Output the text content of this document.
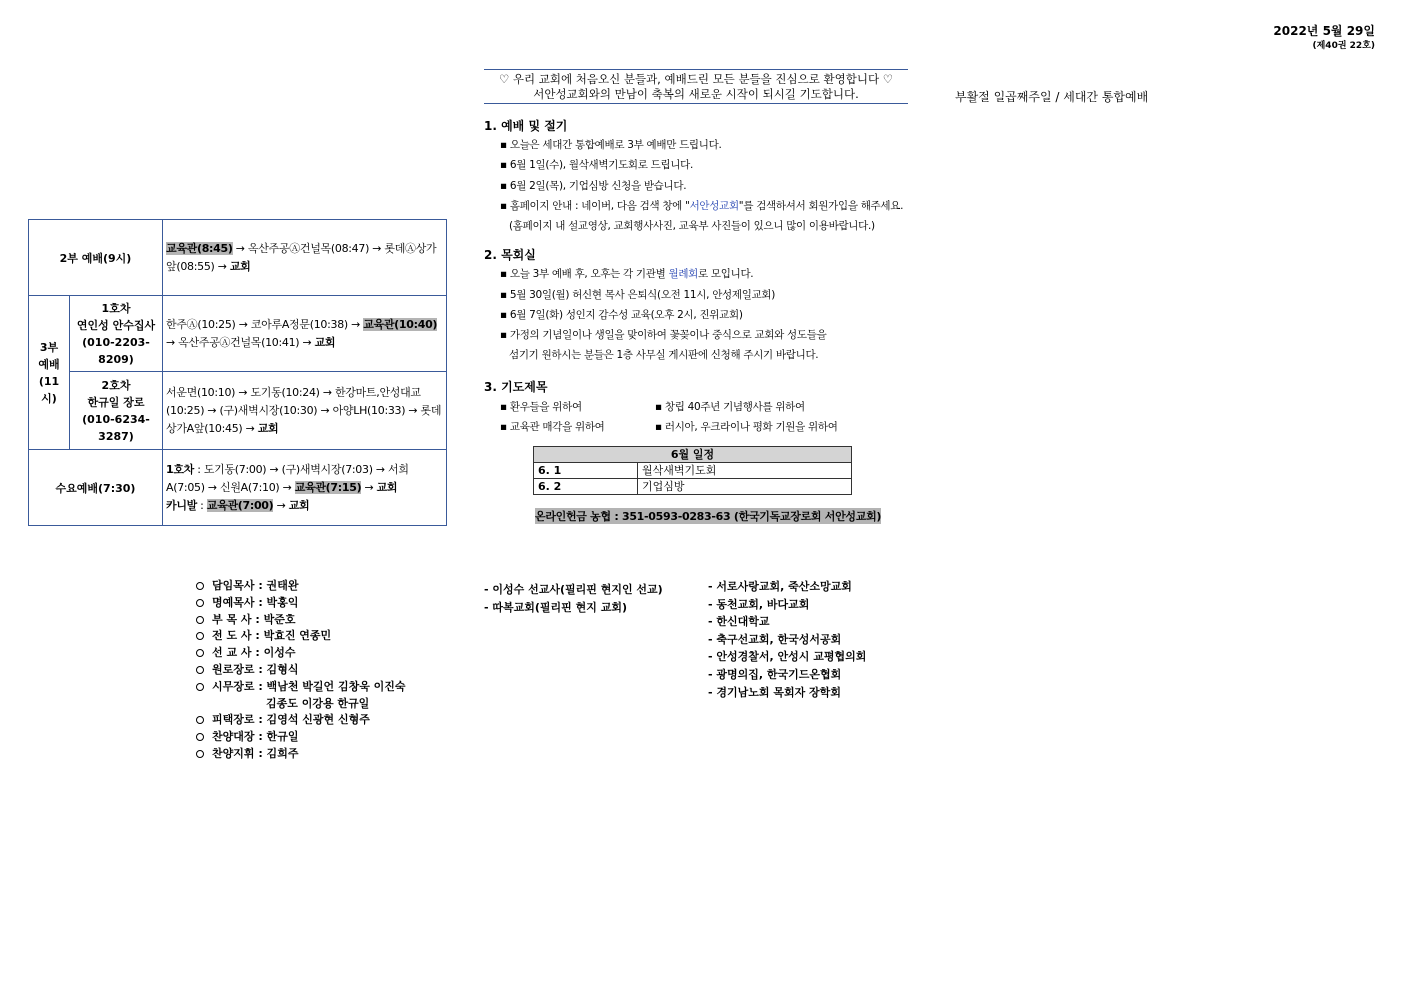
2022년 5월 29일
(제40권 22호)
♡ 우리 교회에 처음오신 분들과, 예배드린 모든 분들을 진심으로 환영합니다 ♡
서안성교회와의 만남이 축복의 새로운 시작이 되시길 기도합니다.	부활절 일곱째주일 / 세대간 통합예배
1. 예배 및 절기
▪ 오늘은 세대간 통합예배로 3부 예배만 드립니다.
▪ 6월 1일(수), 월삭새벽기도회로 드립니다.
▪ 6월 2일(목), 기업심방 신청을 받습니다.
▪ 홈페이지 안내 : 네이버, 다음 검색 창에 "서안성교회"를 검색하셔서 회원가입을 해주세요.
(홈페이지 내 설교영상, 교회행사사진, 교육부 사진들이 있으니 많이 이용바랍니다.)
2. 목회실
▪ 오늘 3부 예배 후, 오후는 각 기관별 월례회로 모입니다.
▪ 5월 30일(월) 허신현 목사 은퇴식(오전 11시, 안성제일교회)
▪ 6월 7일(화) 성인지 감수성 교육(오후 2시, 진위교회)
▪ 가정의 기념일이나 생일을 맞이하여 꽃꽂이나 중식으로 교회와 성도들을
섬기기 원하시는 분들은 1층 사무실 게시판에 신청해 주시기 바랍니다.
3. 기도제목
▪ 환우들을 위하여	▪ 창립 40주년 기념행사를 위하여
▪ 교육관 매각을 위하여	▪ 러시아, 우크라이나 평화 기원을 위하여
6월 일정	
6. 1	월삭새벽기도회
6. 2	기업심방
온라인헌금 농협 : 351-0593-0283-63 (한국기독교장로회 서안성교회)
2부 예배(9시)		교육관(8:45) → 옥산주공Ⓐ건널목(08:47) → 롯데Ⓐ상가앞(08:55) → 교회
3부
예배
(11시)	1호차
연인성 안수집사
(010-2203-8209)	한주Ⓐ(10:25) → 코아루A정문(10:38) → 교육관(10:40) → 옥산주공Ⓐ건널목(10:41) → 교회
	2호차
한규일 장로
(010-6234-3287)	서운면(10:10) → 도기동(10:24) → 한강마트,안성대교(10:25) → (구)새벽시장(10:30) → 아양LH(10:33) → 롯데상가A앞(10:45) → 교회
수요예배(7:30)		1호차 : 도기동(7:00) → (구)새벽시장(7:03) → 서희A(7:05) → 신원A(7:10) → 교육관(7:15) → 교회
카니발 : 교육관(7:00) → 교회
담임목사 : 권태완
명예목사 : 박홍익
부 목 사 : 박준호
전 도 사 : 박효진 연종민
선 교 사 : 이성수
원로장로 : 김형식
시무장로 : 백남천 박길언 김창욱 이진숙
김종도 이강용 한규일
피택장로 : 김영석 신광현 신형주
찬양대장 : 한규일
찬양지휘 : 김희주
- 이성수 선교사(필리핀 현지인 선교)
- 따복교회(필리핀 현지 교회)
- 서로사랑교회, 죽산소망교회
- 동천교회, 바다교회
- 한신대학교
- 축구선교회, 한국성서공회
- 안성경찰서, 안성시 교평협의회
- 광명의집, 한국기드온협회
- 경기남노회 목회자 장학회
